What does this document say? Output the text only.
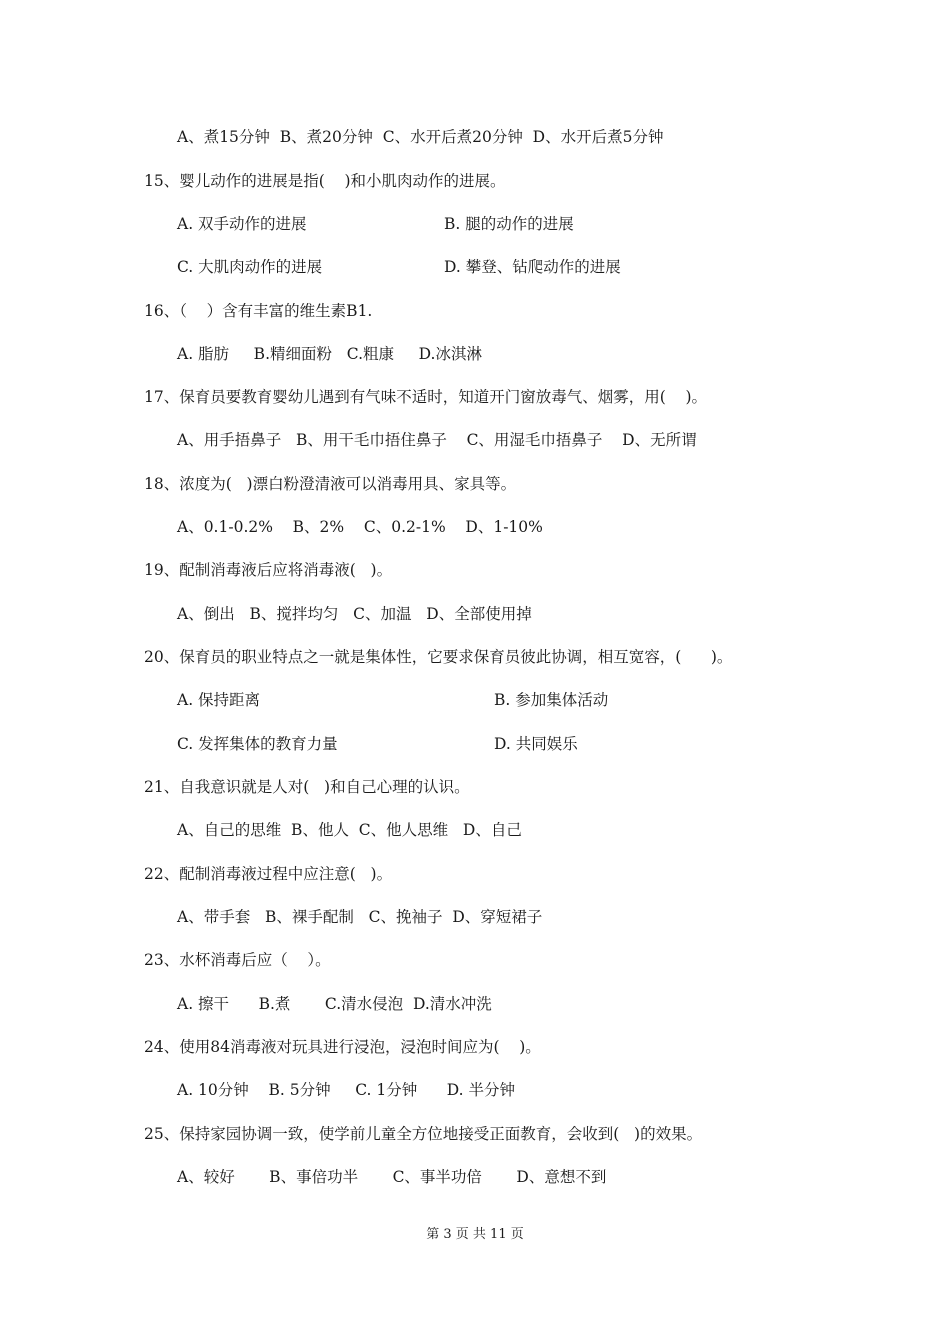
A、煮15分钟  B、煮20分钟  C、水开后煮20分钟  D、水开后煮5分钟
15、婴儿动作的进展是指(    )和小肌肉动作的进展。
A. 双手动作的进展	B. 腿的动作的进展
C. 大肌肉动作的进展	D. 攀登、钻爬动作的进展
16、（    ）含有丰富的维生素B1.
A. 脂肪     B.精细面粉   C.粗康     D.冰淇淋
17、保育员要教育婴幼儿遇到有气味不适时，知道开门窗放毒气、烟雾，用(    )。
A、用手捂鼻子   B、用干毛巾捂住鼻子    C、用湿毛巾捂鼻子    D、无所谓
18、浓度为(   )漂白粉澄清液可以消毒用具、家具等。
A、0.1-0.2%    B、2%    C、0.2-1%    D、1-10%
19、配制消毒液后应将消毒液(   )。
A、倒出   B、搅拌均匀   C、加温   D、全部使用掉
20、保育员的职业特点之一就是集体性，它要求保育员彼此协调，相互宽容，(      )。
A. 保持距离	B. 参加集体活动
C. 发挥集体的教育力量	D. 共同娱乐
21、自我意识就是人对(   )和自己心理的认识。
A、自己的思维  B、他人  C、他人思维   D、自己
22、配制消毒液过程中应注意(   )。
A、带手套   B、裸手配制   C、挽袖子  D、穿短裙子
23、水杯消毒后应（    ）。
A. 擦干      B.煮       C.清水侵泡  D.清水冲洗
24、使用84消毒液对玩具进行浸泡，浸泡时间应为(    )。
A. 10分钟    B. 5分钟     C. 1分钟      D. 半分钟
25、保持家园协调一致，使学前儿童全方位地接受正面教育，会收到(   )的效果。
A、较好       B、事倍功半       C、事半功倍       D、意想不到
第 3 页 共 11 页
